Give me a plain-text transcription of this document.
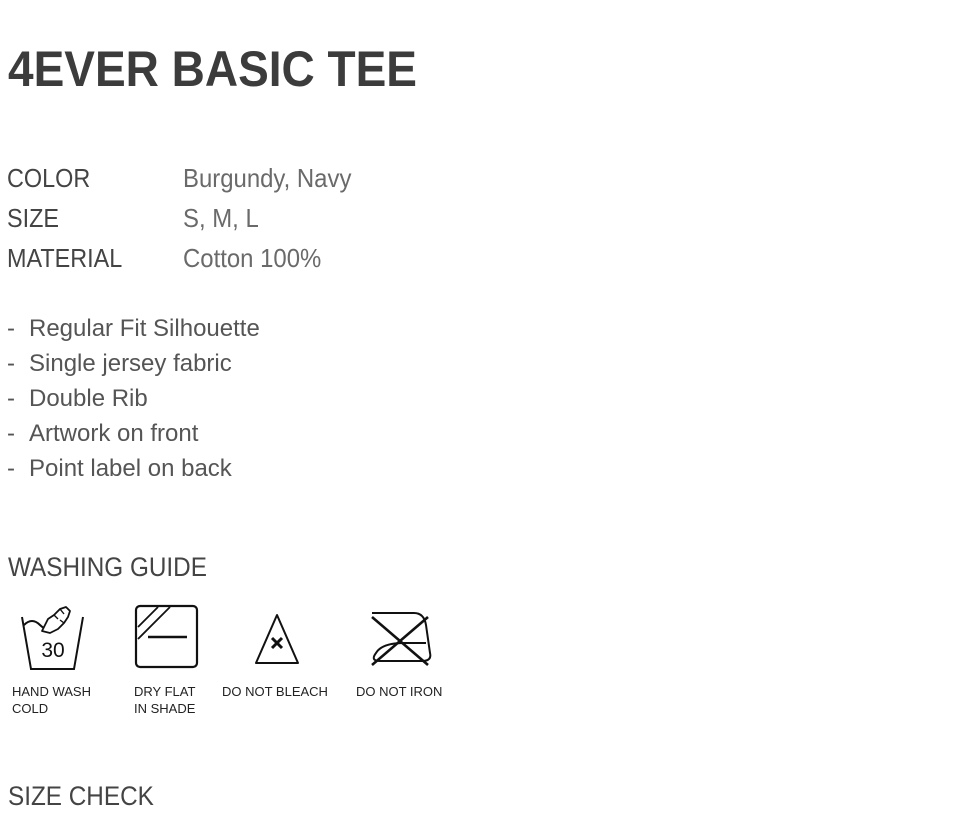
4EVER BASIC TEE
COLOR	Burgundy, Navy
SIZE	S, M, L
MATERIAL	Cotton 100%
- Regular Fit Silhouette
- Single jersey fabric
- Double Rib
- Artwork on front
- Point label on back
WASHING GUIDE
30
HAND WASH
COLD
DRY FLAT
IN SHADE
DO NOT BLEACH DO NOT IRON
SIZE CHECK
